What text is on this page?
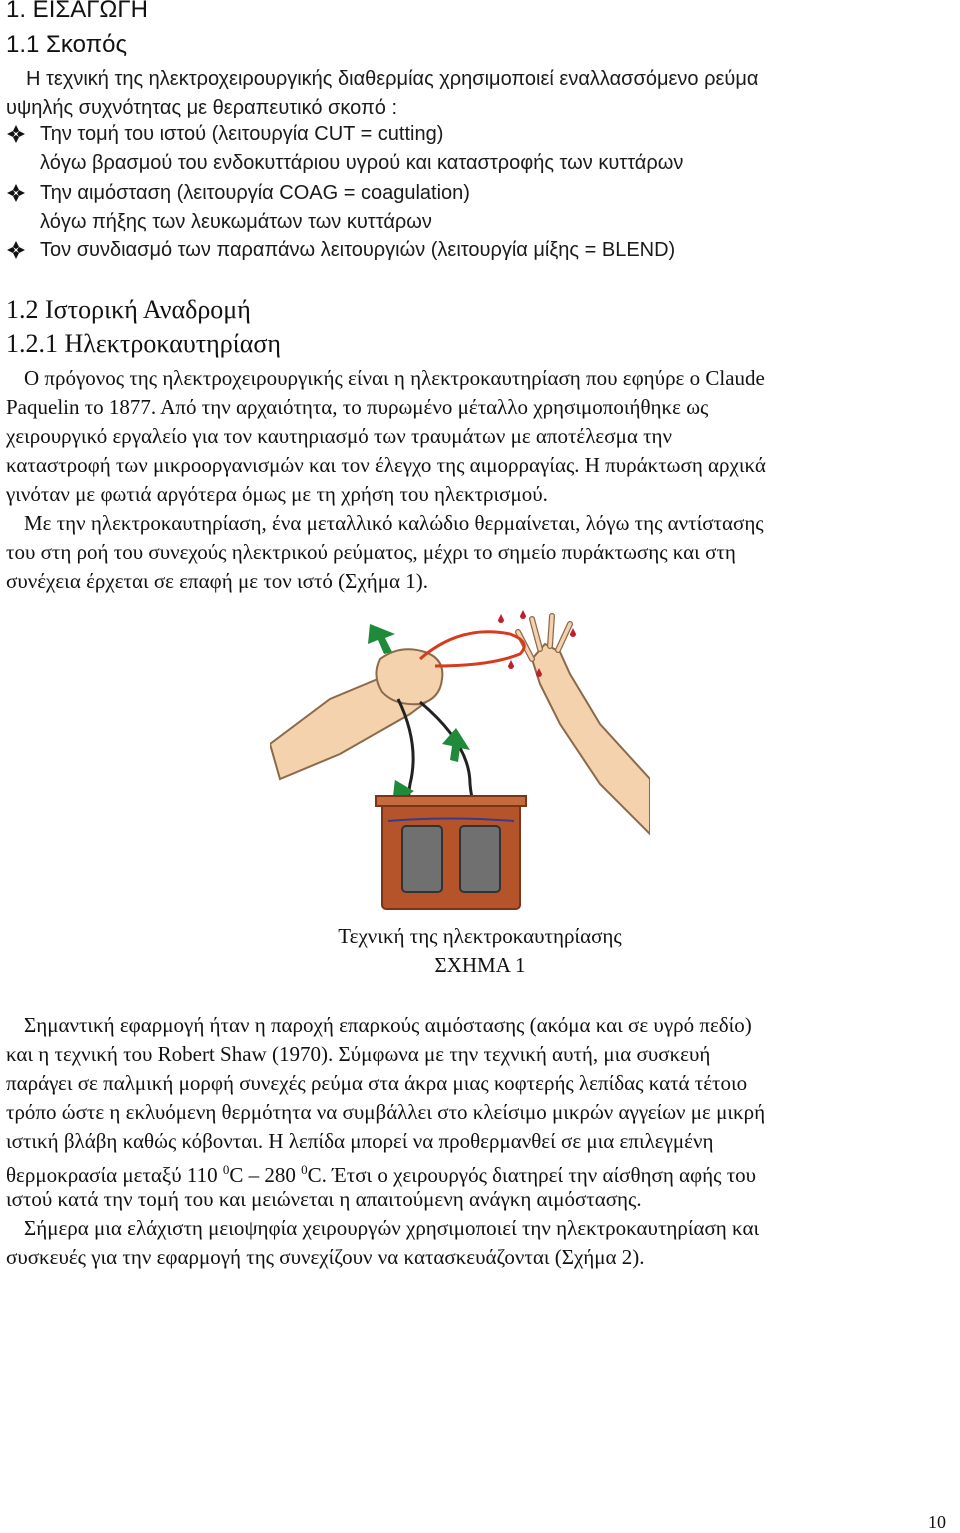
1. ΕΙΣΑΓΩΓΗ
1.1 Σκοπός
Η τεχνική της ηλεκτροχειρουργικής διαθερμίας χρησιμοποιεί εναλλασσόμενο ρεύμα
υψηλής συχνότητας με θεραπευτικό σκοπό :
Την τομή του ιστού (λειτουργία CUT = cutting)
λόγω βρασμού του ενδοκυττάριου υγρού και καταστροφής των κυττάρων
Την αιμόσταση (λειτουργία COAG = coagulation)
λόγω πήξης των λευκωμάτων των κυττάρων
Τον συνδιασμό των παραπάνω λειτουργιών (λειτουργία μίξης = BLEND)
1.2 Ιστορική Αναδρομή
1.2.1 Ηλεκτροκαυτηρίαση
Ο πρόγονος της ηλεκτροχειρουργικής είναι η ηλεκτροκαυτηρίαση που εφηύρε ο Claude
Paquelin το 1877. Από την αρχαιότητα, το πυρωμένο μέταλλο χρησιμοποιήθηκε ως
χειρουργικό εργαλείο για τον καυτηριασμό των τραυμάτων με αποτέλεσμα την
καταστροφή των μικροοργανισμών και τον έλεγχο της αιμορραγίας. Η πυράκτωση αρχικά
γινόταν με φωτιά αργότερα όμως με τη χρήση του ηλεκτρισμού.
Με την ηλεκτροκαυτηρίαση, ένα μεταλλικό καλώδιο θερμαίνεται, λόγω της αντίστασης
του στη ροή του συνεχούς ηλεκτρικού ρεύματος, μέχρι το σημείο πυράκτωσης και στη
συνέχεια έρχεται σε επαφή με τον ιστό (Σχήμα 1).
Τεχνική της ηλεκτροκαυτηρίασης
ΣΧΗΜΑ 1
Σημαντική εφαρμογή ήταν η παροχή επαρκούς αιμόστασης (ακόμα και σε υγρό πεδίο)
και η τεχνική του Robert Shaw (1970). Σύμφωνα με την τεχνική αυτή, μια συσκευή
παράγει σε παλμική μορφή συνεχές ρεύμα στα άκρα μιας κοφτερής λεπίδας κατά τέτοιο
τρόπο ώστε η εκλυόμενη θερμότητα να συμβάλλει στο κλείσιμο μικρών αγγείων με μικρή
ιστική βλάβη καθώς κόβονται. Η λεπίδα μπορεί να προθερμανθεί σε μια επιλεγμένη
θερμοκρασία μεταξύ 110 $^0$C – 280 $^0$C. Έτσι ο χειρουργός διατηρεί την αίσθηση αφής του
ιστού κατά την τομή του και μειώνεται η απαιτούμενη ανάγκη αιμόστασης.
Σήμερα μια ελάχιστη μειοψηφία χειρουργών χρησιμοποιεί την ηλεκτροκαυτηρίαση και
συσκευές για την εφαρμογή της συνεχίζουν να κατασκευάζονται (Σχήμα 2).
10
